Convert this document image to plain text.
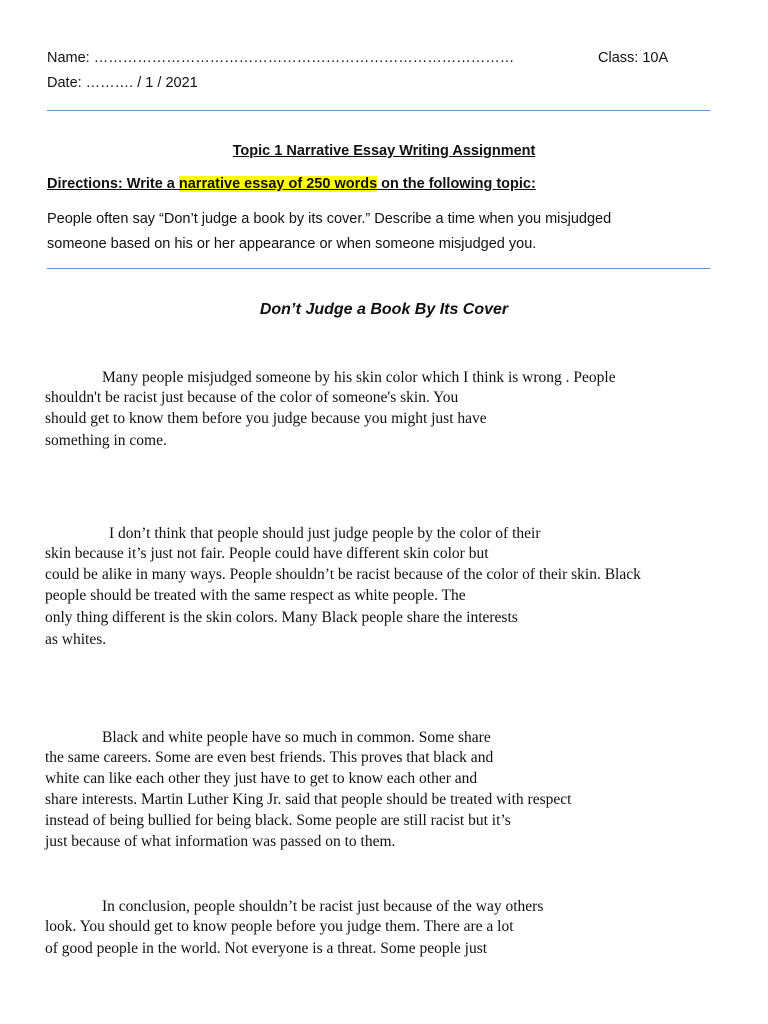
Name: ……………………………………………………………………………	Class: 10A
Date: ………. / 1 / 2021
Topic 1 Narrative Essay Writing Assignment
Directions: Write a narrative essay of 250 words on the following topic:
People often say “Don’t judge a book by its cover.” Describe a time when you misjudged
someone based on his or her appearance or when someone misjudged you.
Don’t Judge a Book By Its Cover
Many people misjudged someone by his skin color which I think is wrong . People
shouldn't be racist just because of the color of someone's skin. You
should get to know them before you judge because you might just have
something in come.
I don’t think that people should just judge people by the color of their
skin because it’s just not fair. People could have different skin color but
could be alike in many ways. People shouldn’t be racist because of the color of their skin. Black
people should be treated with the same respect as white people. The
only thing different is the skin colors. Many Black people share the interests
as whites.
Black and white people have so much in common. Some share
the same careers. Some are even best friends. This proves that black and
white can like each other they just have to get to know each other and
share interests. Martin Luther King Jr. said that people should be treated with respect
instead of being bullied for being black. Some people are still racist but it’s
just because of what information was passed on to them.
In conclusion, people shouldn’t be racist just because of the way others
look. You should get to know people before you judge them. There are a lot
of good people in the world. Not everyone is a threat. Some people just
